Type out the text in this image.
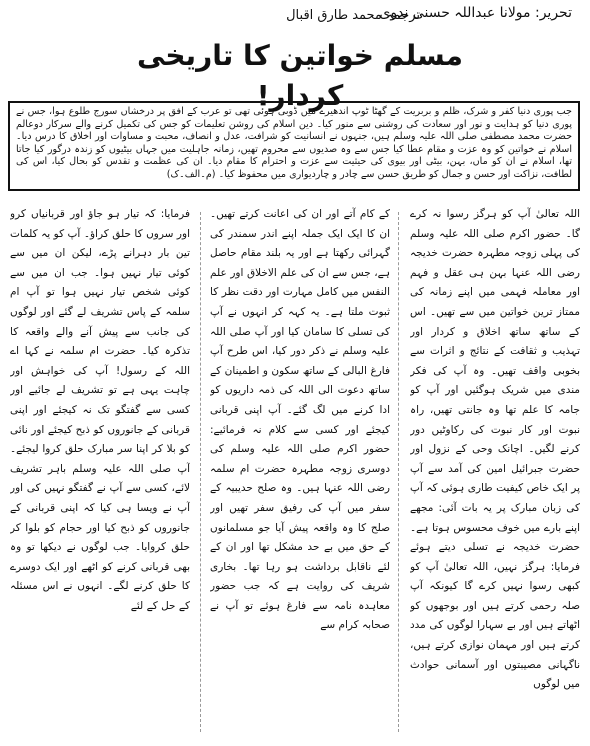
تحریر: مولانا عبداللہ حسنی ندوی
ترجمہ محمد طارق اقبال
مسلم خواتین کا تاریخی کردار!

جب پوری دنیا کفر و شرک، ظلم و بربریت کے گھٹا ٹوپ اندھیرے میں ڈوبی ہوئی تھی تو عرب کے افق پر درخشاں سورج طلوع ہوا، جس نے پوری دنیا کو ہدایت و نور اور سعادت کی روشنی سے منور کیا۔ دین اسلام کی روشن تعلیمات کو جس کی تکمیل کرنے والے سرکار دوعالم حضرت محمد مصطفی صلی اللہ علیہ وسلم ہیں، جنہوں نے انسانیت کو شرافت، عدل و انصاف، محبت و مساوات اور اخلاق کا درس دیا۔ اسلام نے خواتین کو وہ عزت و مقام عطا کیا جس سے وہ صدیوں سے محروم تھیں، زمانہ جاہلیت میں جہاں بیٹیوں کو زندہ درگور کیا جاتا تھا، اسلام نے ان کو ماں، بہن، بیٹی اور بیوی کی حیثیت سے عزت و احترام کا مقام دیا۔ ان کی عظمت و تقدس کو بحال کیا، اس کی لطافت، نزاکت اور حسن و جمال کو طریق حسن سے چادر و چاردیواری میں محفوظ کیا۔ (م۔الف۔ک)

اللہ تعالیٰ آپ کو ہرگز رسوا نہ کرے گا۔ حضور اکرم صلی اللہ علیہ وسلم کی پہلی زوجہ مطہرہ حضرت خدیجہ رضی اللہ عنہا بہن ہی عقل و فہم اور معاملہ فہمی میں اپنے زمانہ کی ممتاز ترین خواتین میں سے تھیں۔ اس کے ساتھ ساتھ اخلاق و کردار اور تہذیب و ثقافت کے نتائج و اثرات سے بخوبی واقف تھیں۔ وہ آپ کی فکر مندی میں شریک ہوگئیں اور آپ کو جامہ کا علم تھا وہ جانتی تھیں، راہ نبوت اور کار نبوت کی رکاوٹیں دور کرنے لگیں۔ اچانک وحی کے نزول اور حضرت جبرائیل امین کی آمد سے آپ پر ایک خاص کیفیت طاری ہوئی کہ آپ کی زبان مبارک پر یہ بات آئی: مجھے اپنے بارے میں خوف محسوس ہوتا ہے۔ حضرت خدیجہ نے تسلی دیتے ہوئے فرمایا: ہرگز نہیں، اللہ تعالیٰ آپ کو کبھی رسوا نہیں کرے گا کیونکہ آپ صلہ رحمی کرتے ہیں اور بوجھوں کو اٹھاتے ہیں اور بے سہارا لوگوں کی مدد کرتے ہیں اور مہمان نوازی کرتے ہیں، ناگہانی مصیبتوں اور آسمانی حوادث میں لوگوں

کے کام آتے اور ان کی اعانت کرتے تھیں۔ ان کا ایک ایک جملہ اپنے اندر سمندر کی گہرائی رکھتا ہے اور یہ بلند مقام حاصل ہے، جس سے ان کی علم الاخلاق اور علم النفس میں کامل مہارت اور دقت نظر کا ثبوت ملتا ہے۔ یہ کہہ کر انہوں نے آپ کی تسلی کا سامان کیا اور آپ صلی اللہ علیہ وسلم نے ذکر دور کیا، اس طرح آپ فارغ البالی کے ساتھ سکون و اطمینان کے ساتھ دعوت الی اللہ کی ذمہ داریوں کو ادا کرنے میں لگ گئے۔ آپ اپنی قربانی کیجئے اور کسی سے کلام نہ فرمائیے: حضور اکرم صلی اللہ علیہ وسلم کی دوسری زوجہ مطہرہ حضرت ام سلمہ رضی اللہ عنہا ہیں۔ وہ صلح حدیبیہ کے سفر میں آپ کی رفیق سفر تھیں اور صلح کا وہ واقعہ پیش آیا جو مسلمانوں کے حق میں بے حد مشکل تھا اور ان کے لئے ناقابل برداشت ہو رہا تھا۔ بخاری شریف کی روایت ہے کہ جب حضور معاہدہ نامہ سے فارغ ہوئے تو آپ نے صحابہ کرام سے

فرمایا: کہ تیار ہو جاؤ اور قربانیاں کرو اور سروں کا حلق کراؤ۔ آپ کو یہ کلمات تین بار دہرانے پڑے، لیکن ان میں سے کوئی تیار نہیں ہوا۔ جب ان میں سے کوئی شخص تیار نہیں ہوا تو آپ ام سلمہ کے پاس تشریف لے گئے اور لوگوں کی جانب سے پیش آنے والے واقعہ کا تذکرہ کیا۔ حضرت ام سلمہ نے کہا اے اللہ کے رسول! آپ کی خواہش اور چاہت یہی ہے تو تشریف لے جائیے اور کسی سے گفتگو تک نہ کیجئے اور اپنی قربانی کے جانوروں کو ذبح کیجئے اور نائی کو بلا کر اپنا سر مبارک حلق کروا لیجئے۔ آپ صلی اللہ علیہ وسلم باہر تشریف لائے، کسی سے آپ نے گفتگو نہیں کی اور آپ نے ویسا ہی کیا کہ اپنی قربانی کے جانوروں کو ذبح کیا اور حجام کو بلوا کر حلق کروایا۔ جب لوگوں نے دیکھا تو وہ بھی قربانی کرنے کو اٹھے اور ایک دوسرے کا حلق کرنے لگے۔ انہوں نے اس مسئلہ کے حل کے لئے
